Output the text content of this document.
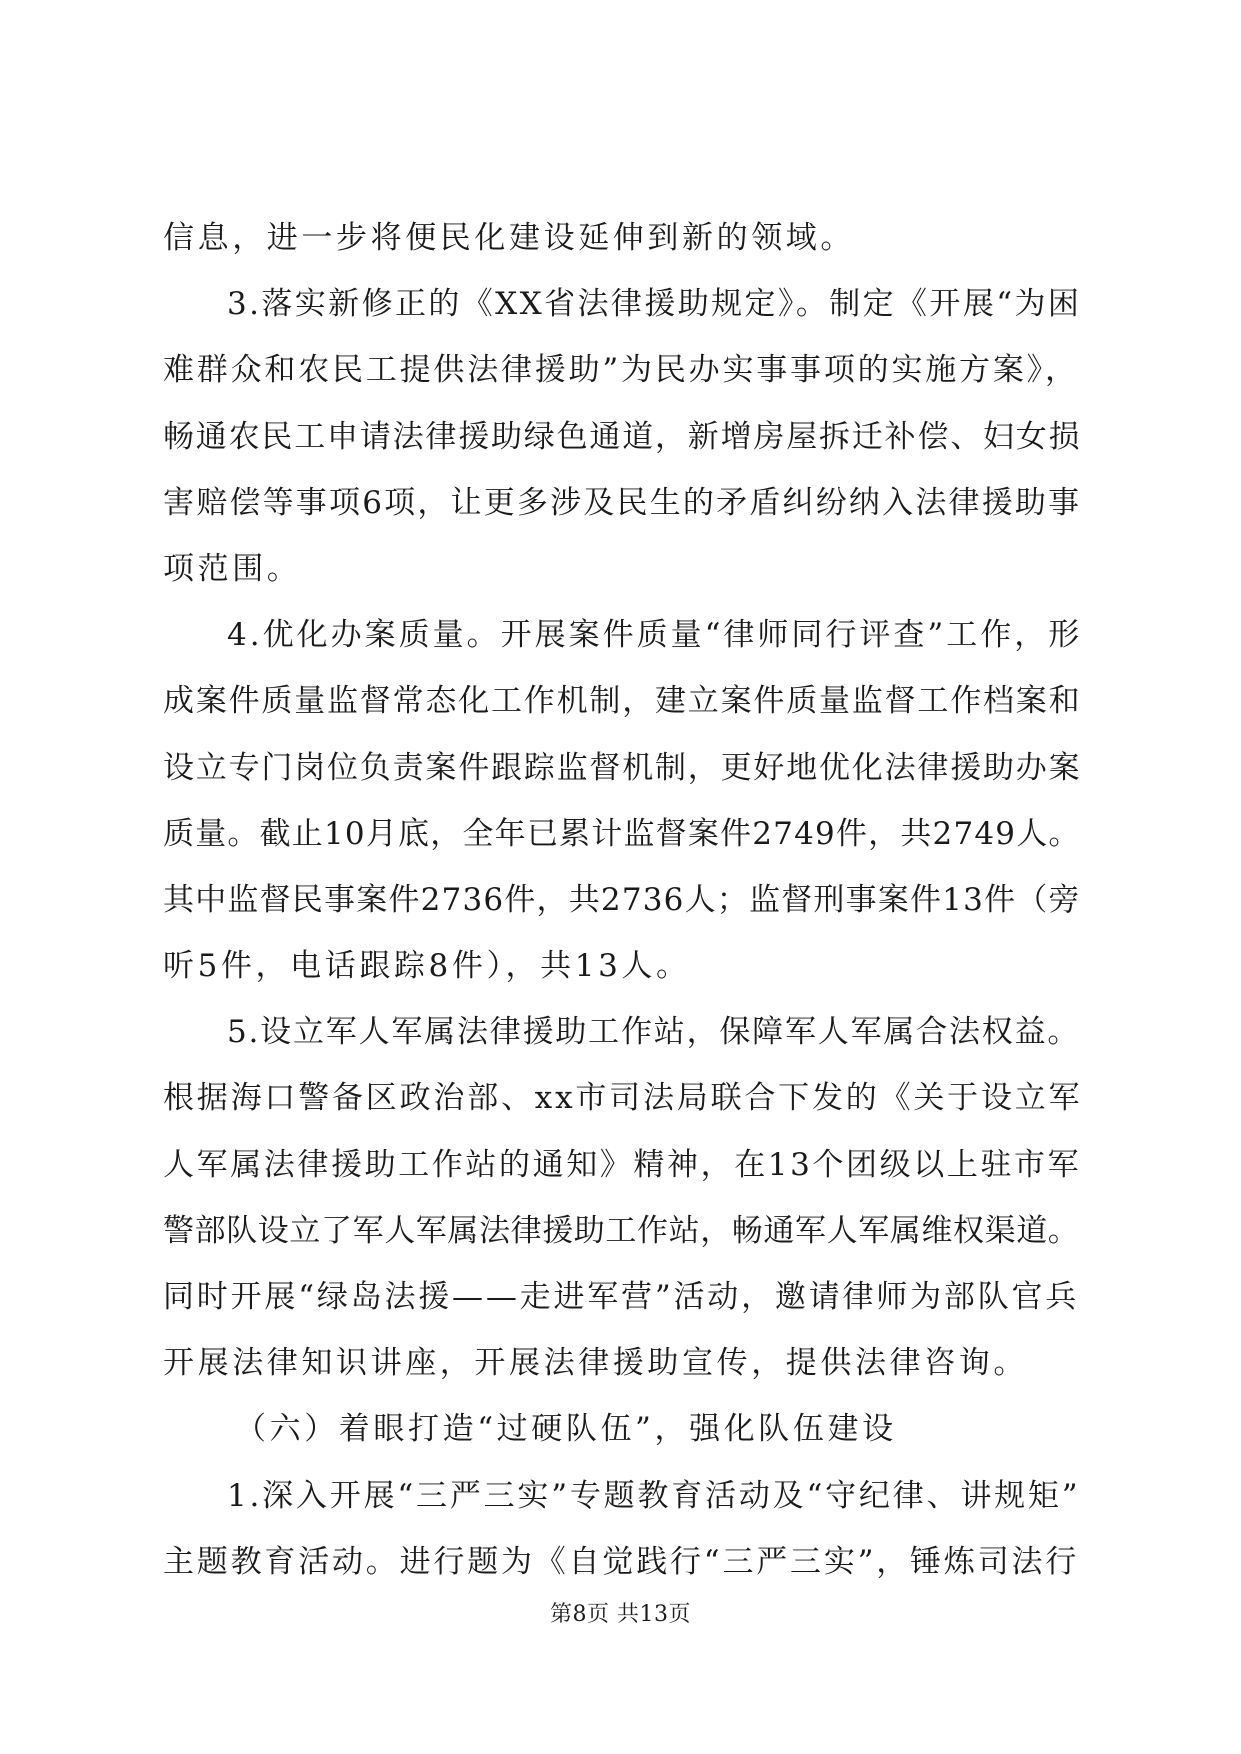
信息，进一步将便民化建设延伸到新的领域。
3.落实新修正的《XX省法律援助规定》。制定《开展“为困
难群众和农民工提供法律援助”为民办实事事项的实施方案》，
畅通农民工申请法律援助绿色通道，新增房屋拆迁补偿、妇女损
害赔偿等事项6项，让更多涉及民生的矛盾纠纷纳入法律援助事
项范围。
4.优化办案质量。开展案件质量“律师同行评查”工作，形
成案件质量监督常态化工作机制，建立案件质量监督工作档案和
设立专门岗位负责案件跟踪监督机制，更好地优化法律援助办案
质量。截止10月底，全年已累计监督案件2749件，共2749人。
其中监督民事案件2736件，共2736人；监督刑事案件13件（旁
听5件，电话跟踪8件），共13人。
5.设立军人军属法律援助工作站，保障军人军属合法权益。
根据海口警备区政治部、xx市司法局联合下发的《关于设立军
人军属法律援助工作站的通知》精神，在13个团级以上驻市军
警部队设立了军人军属法律援助工作站，畅通军人军属维权渠道。
同时开展“绿岛法援——走进军营”活动，邀请律师为部队官兵
开展法律知识讲座，开展法律援助宣传，提供法律咨询。
（六）着眼打造“过硬队伍”，强化队伍建设
1.深入开展“三严三实”专题教育活动及“守纪律、讲规矩”
主题教育活动。进行题为《自觉践行“三严三实”，锤炼司法行
第8页 共13页
